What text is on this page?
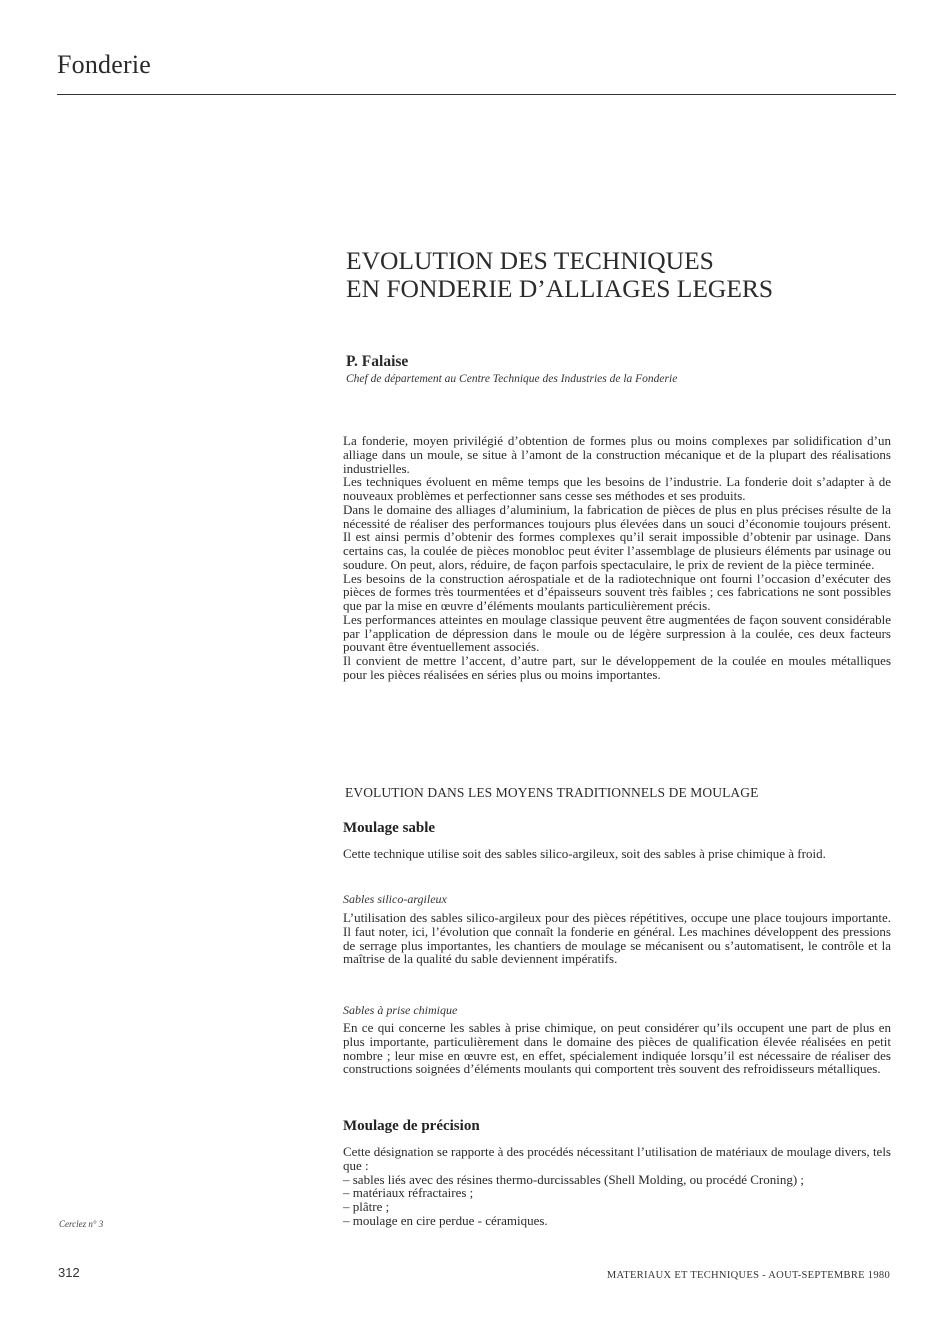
Fonderie
EVOLUTION DES TECHNIQUES
EN FONDERIE D’ALLIAGES LEGERS
P. Falaise
Chef de département au Centre Technique des Industries de la Fonderie

La fonderie, moyen privilégié d’obtention de formes plus ou moins complexes par solidification d’un alliage dans un moule, se situe à l’amont de la construction mécanique et de la plupart des réalisations industrielles.

Les techniques évoluent en même temps que les besoins de l’industrie. La fonderie doit s’adapter à de nouveaux problèmes et perfectionner sans cesse ses méthodes et ses produits.

Dans le domaine des alliages d’aluminium, la fabrication de pièces de plus en plus précises résulte de la nécessité de réaliser des performances toujours plus élevées dans un souci d’économie toujours présent. Il est ainsi permis d’obtenir des formes complexes qu’il serait impossible d’obtenir par usinage. Dans certains cas, la coulée de pièces monobloc peut éviter l’assemblage de plusieurs éléments par usinage ou soudure. On peut, alors, réduire, de façon parfois spectaculaire, le prix de revient de la pièce terminée.

Les besoins de la construction aérospatiale et de la radiotechnique ont fourni l’occasion d’exécuter des pièces de formes très tourmentées et d’épaisseurs souvent très faibles ; ces fabrications ne sont possibles que par la mise en œuvre d’éléments moulants particulièrement précis.

Les performances atteintes en moulage classique peuvent être augmentées de façon souvent considérable par l’application de dépression dans le moule ou de légère surpression à la coulée, ces deux facteurs pouvant être éventuellement associés.

Il convient de mettre l’accent, d’autre part, sur le développement de la coulée en moules métalliques pour les pièces réalisées en séries plus ou moins importantes.

EVOLUTION DANS LES MOYENS TRADITIONNELS DE MOULAGE
Moulage sable
Cette technique utilise soit des sables silico-argileux, soit des sables à prise chimique à froid.
Sables silico-argileux
L’utilisation des sables silico-argileux pour des pièces répétitives, occupe une place toujours importante. Il faut noter, ici, l’évolution que connaît la fonderie en général. Les machines développent des pressions de serrage plus importantes, les chantiers de moulage se mécanisent ou s’automatisent, le contrôle et la maîtrise de la qualité du sable deviennent impératifs.
Sables à prise chimique
En ce qui concerne les sables à prise chimique, on peut considérer qu’ils occupent une part de plus en plus importante, particulièrement dans le domaine des pièces de qualification élevée réalisées en petit nombre ; leur mise en œuvre est, en effet, spécialement indiquée lorsqu’il est nécessaire de réaliser des constructions soignées d’éléments moulants qui comportent très souvent des refroidisseurs métalliques.
Moulage de précision
Cette désignation se rapporte à des procédés nécessitant l’utilisation de matériaux de moulage divers, tels que :
– sables liés avec des résines thermo-durcissables (Shell Molding, ou procédé Croning) ;
– matériaux réfractaires ;
– plâtre ;
– moulage en cire perdue - céramiques.
Cerclez n° 3
312	MATERIAUX ET TECHNIQUES - AOUT-SEPTEMBRE 1980
